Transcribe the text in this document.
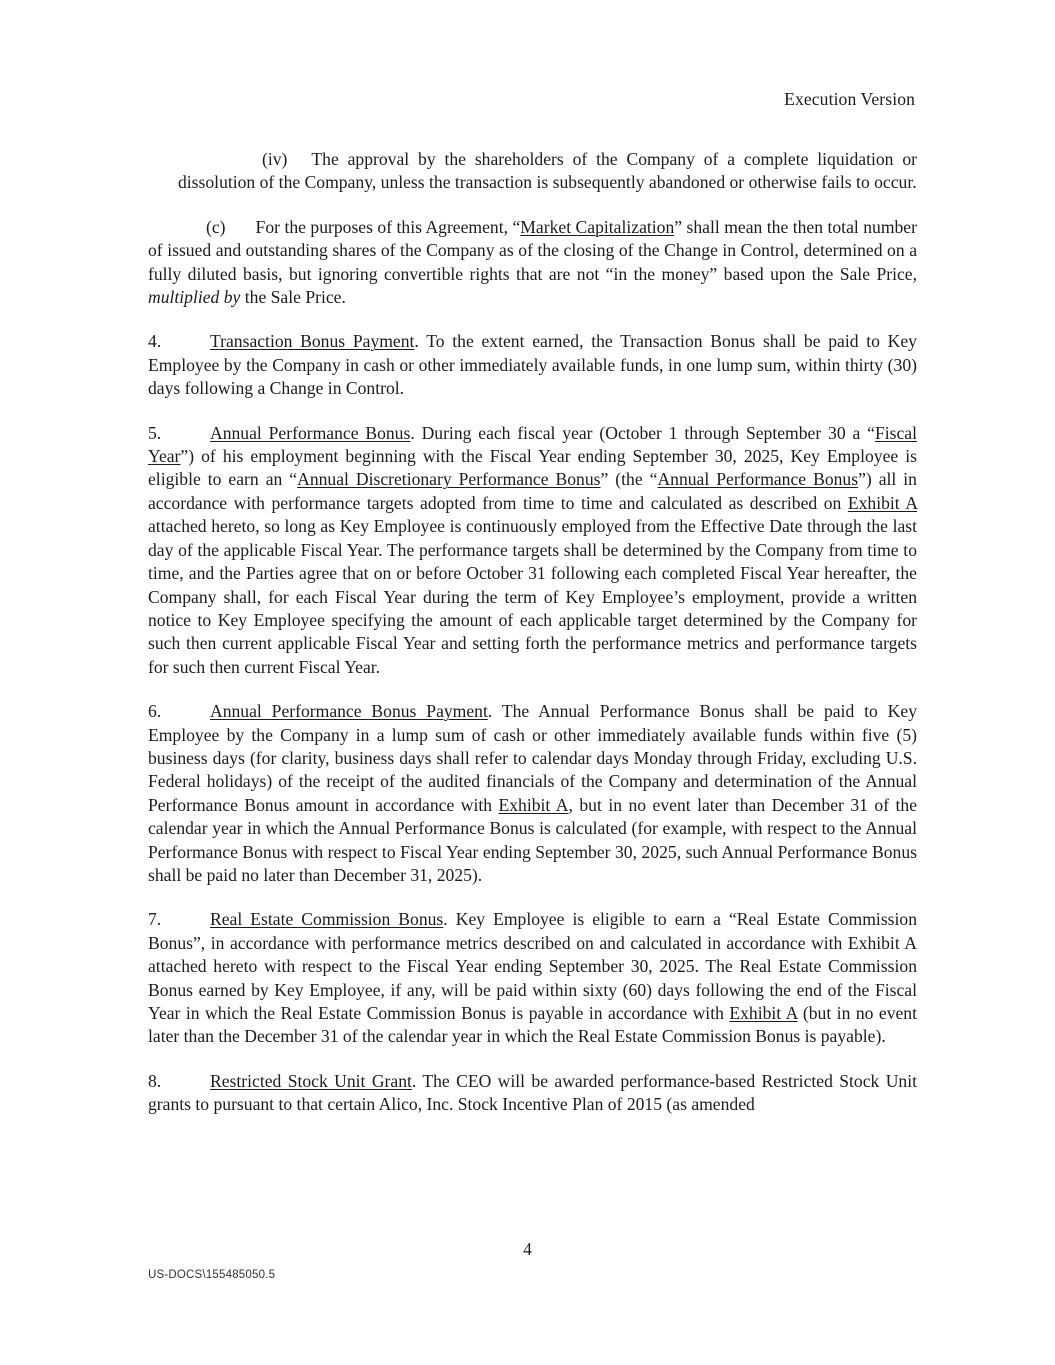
Execution Version

(iv) The approval by the shareholders of the Company of a complete liquidation or dissolution of the Company, unless the transaction is subsequently abandoned or otherwise fails to occur.

(c) For the purposes of this Agreement, “Market Capitalization” shall mean the then total number of issued and outstanding shares of the Company as of the closing of the Change in Control, determined on a fully diluted basis, but ignoring convertible rights that are not “in the money” based upon the Sale Price, multiplied by the Sale Price.

4.	Transaction Bonus Payment. To the extent earned, the Transaction Bonus shall be paid to Key Employee by the Company in cash or other immediately available funds, in one lump sum, within thirty (30) days following a Change in Control.

5.	Annual Performance Bonus. During each fiscal year (October 1 through September 30 a “Fiscal Year”) of his employment beginning with the Fiscal Year ending September 30, 2025, Key Employee is eligible to earn an “Annual Discretionary Performance Bonus” (the “Annual Performance Bonus”) all in accordance with performance targets adopted from time to time and calculated as described on Exhibit A attached hereto, so long as Key Employee is continuously employed from the Effective Date through the last day of the applicable Fiscal Year. The performance targets shall be determined by the Company from time to time, and the Parties agree that on or before October 31 following each completed Fiscal Year hereafter, the Company shall, for each Fiscal Year during the term of Key Employee’s employment, provide a written notice to Key Employee specifying the amount of each applicable target determined by the Company for such then current applicable Fiscal Year and setting forth the performance metrics and performance targets for such then current Fiscal Year.

6.	Annual Performance Bonus Payment. The Annual Performance Bonus shall be paid to Key Employee by the Company in a lump sum of cash or other immediately available funds within five (5) business days (for clarity, business days shall refer to calendar days Monday through Friday, excluding U.S. Federal holidays) of the receipt of the audited financials of the Company and determination of the Annual Performance Bonus amount in accordance with Exhibit A, but in no event later than December 31 of the calendar year in which the Annual Performance Bonus is calculated (for example, with respect to the Annual Performance Bonus with respect to Fiscal Year ending September 30, 2025, such Annual Performance Bonus shall be paid no later than December 31, 2025).

7.	Real Estate Commission Bonus. Key Employee is eligible to earn a “Real Estate Commission Bonus”, in accordance with performance metrics described on and calculated in accordance with Exhibit A attached hereto with respect to the Fiscal Year ending September 30, 2025. The Real Estate Commission Bonus earned by Key Employee, if any, will be paid within sixty (60) days following the end of the Fiscal Year in which the Real Estate Commission Bonus is payable in accordance with Exhibit A (but in no event later than the December 31 of the calendar year in which the Real Estate Commission Bonus is payable).

8.	Restricted Stock Unit Grant. The CEO will be awarded performance-based Restricted Stock Unit grants to pursuant to that certain Alico, Inc. Stock Incentive Plan of 2015 (as amended

4
US-DOCS\155485050.5
